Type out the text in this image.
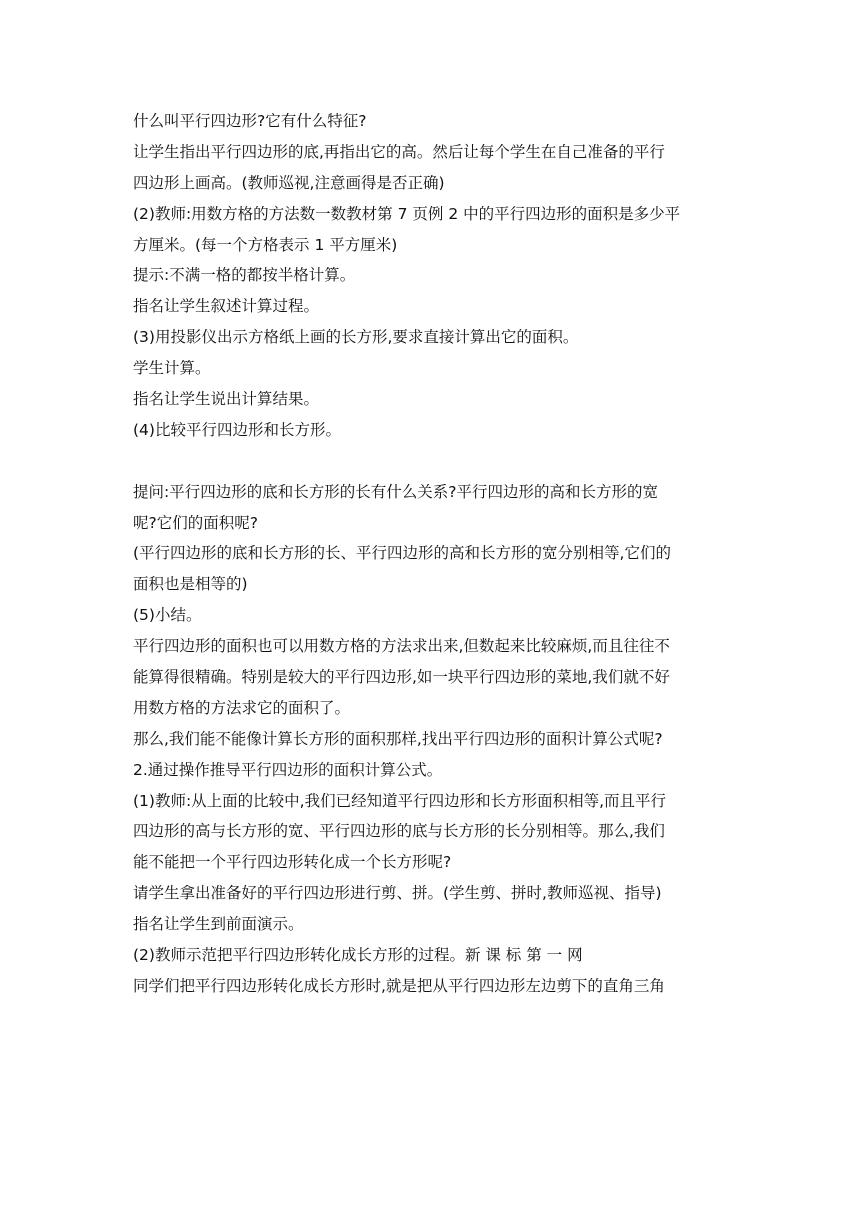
什么叫平行四边形?它有什么特征?
让学生指出平行四边形的底,再指出它的高。然后让每个学生在自己准备的平行
四边形上画高。(教师巡视,注意画得是否正确)
(2)教师:用数方格的方法数一数教材第 7 页例 2 中的平行四边形的面积是多少平
方厘米。(每一个方格表示 1 平方厘米)
提示:不满一格的都按半格计算。
指名让学生叙述计算过程。
(3)用投影仪出示方格纸上画的长方形,要求直接计算出它的面积。
学生计算。
指名让学生说出计算结果。
(4)比较平行四边形和长方形。
提问:平行四边形的底和长方形的长有什么关系?平行四边形的高和长方形的宽
呢?它们的面积呢?
(平行四边形的底和长方形的长、平行四边形的高和长方形的宽分别相等,它们的
面积也是相等的)
(5)小结。
平行四边形的面积也可以用数方格的方法求出来,但数起来比较麻烦,而且往往不
能算得很精确。特别是较大的平行四边形,如一块平行四边形的菜地,我们就不好
用数方格的方法求它的面积了。
那么,我们能不能像计算长方形的面积那样,找出平行四边形的面积计算公式呢?
2.通过操作推导平行四边形的面积计算公式。
(1)教师:从上面的比较中,我们已经知道平行四边形和长方形面积相等,而且平行
四边形的高与长方形的宽、平行四边形的底与长方形的长分别相等。那么,我们
能不能把一个平行四边形转化成一个长方形呢?
请学生拿出准备好的平行四边形进行剪、拼。(学生剪、拼时,教师巡视、指导)
指名让学生到前面演示。
(2)教师示范把平行四边形转化成长方形的过程。新 课 标 第 一 网
同学们把平行四边形转化成长方形时,就是把从平行四边形左边剪下的直角三角
